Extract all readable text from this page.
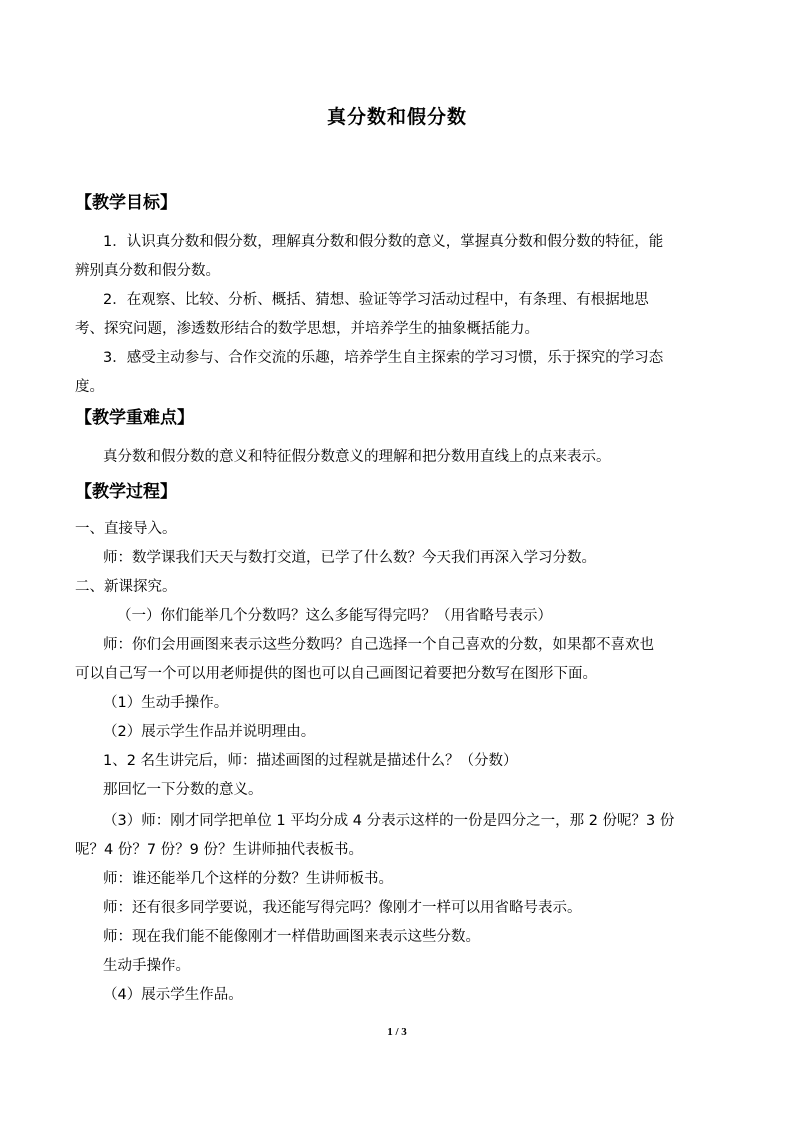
真分数和假分数
【教学目标】
1．认识真分数和假分数，理解真分数和假分数的意义，掌握真分数和假分数的特征，能
辨别真分数和假分数。
2．在观察、比较、分析、概括、猜想、验证等学习活动过程中，有条理、有根据地思
考、探究问题，渗透数形结合的数学思想，并培养学生的抽象概括能力。
3．感受主动参与、合作交流的乐趣，培养学生自主探索的学习习惯，乐于探究的学习态
度。
【教学重难点】
真分数和假分数的意义和特征假分数意义的理解和把分数用直线上的点来表示。
【教学过程】
一、直接导入。
师：数学课我们天天与数打交道，已学了什么数？今天我们再深入学习分数。
二、新课探究。
（一）你们能举几个分数吗？这么多能写得完吗？（用省略号表示）
师：你们会用画图来表示这些分数吗？自己选择一个自己喜欢的分数，如果都不喜欢也
可以自己写一个可以用老师提供的图也可以自己画图记着要把分数写在图形下面。
（1）生动手操作。
（2）展示学生作品并说明理由。
1、2 名生讲完后，师：描述画图的过程就是描述什么？（分数）
那回忆一下分数的意义。
（3）师：刚才同学把单位 1 平均分成 4 分表示这样的一份是四分之一，那 2 份呢？3 份
呢？4 份？7 份？9 份？生讲师抽代表板书。
师：谁还能举几个这样的分数？生讲师板书。
师：还有很多同学要说，我还能写得完吗？像刚才一样可以用省略号表示。
师：现在我们能不能像刚才一样借助画图来表示这些分数。
生动手操作。
（4）展示学生作品。
1 / 3
